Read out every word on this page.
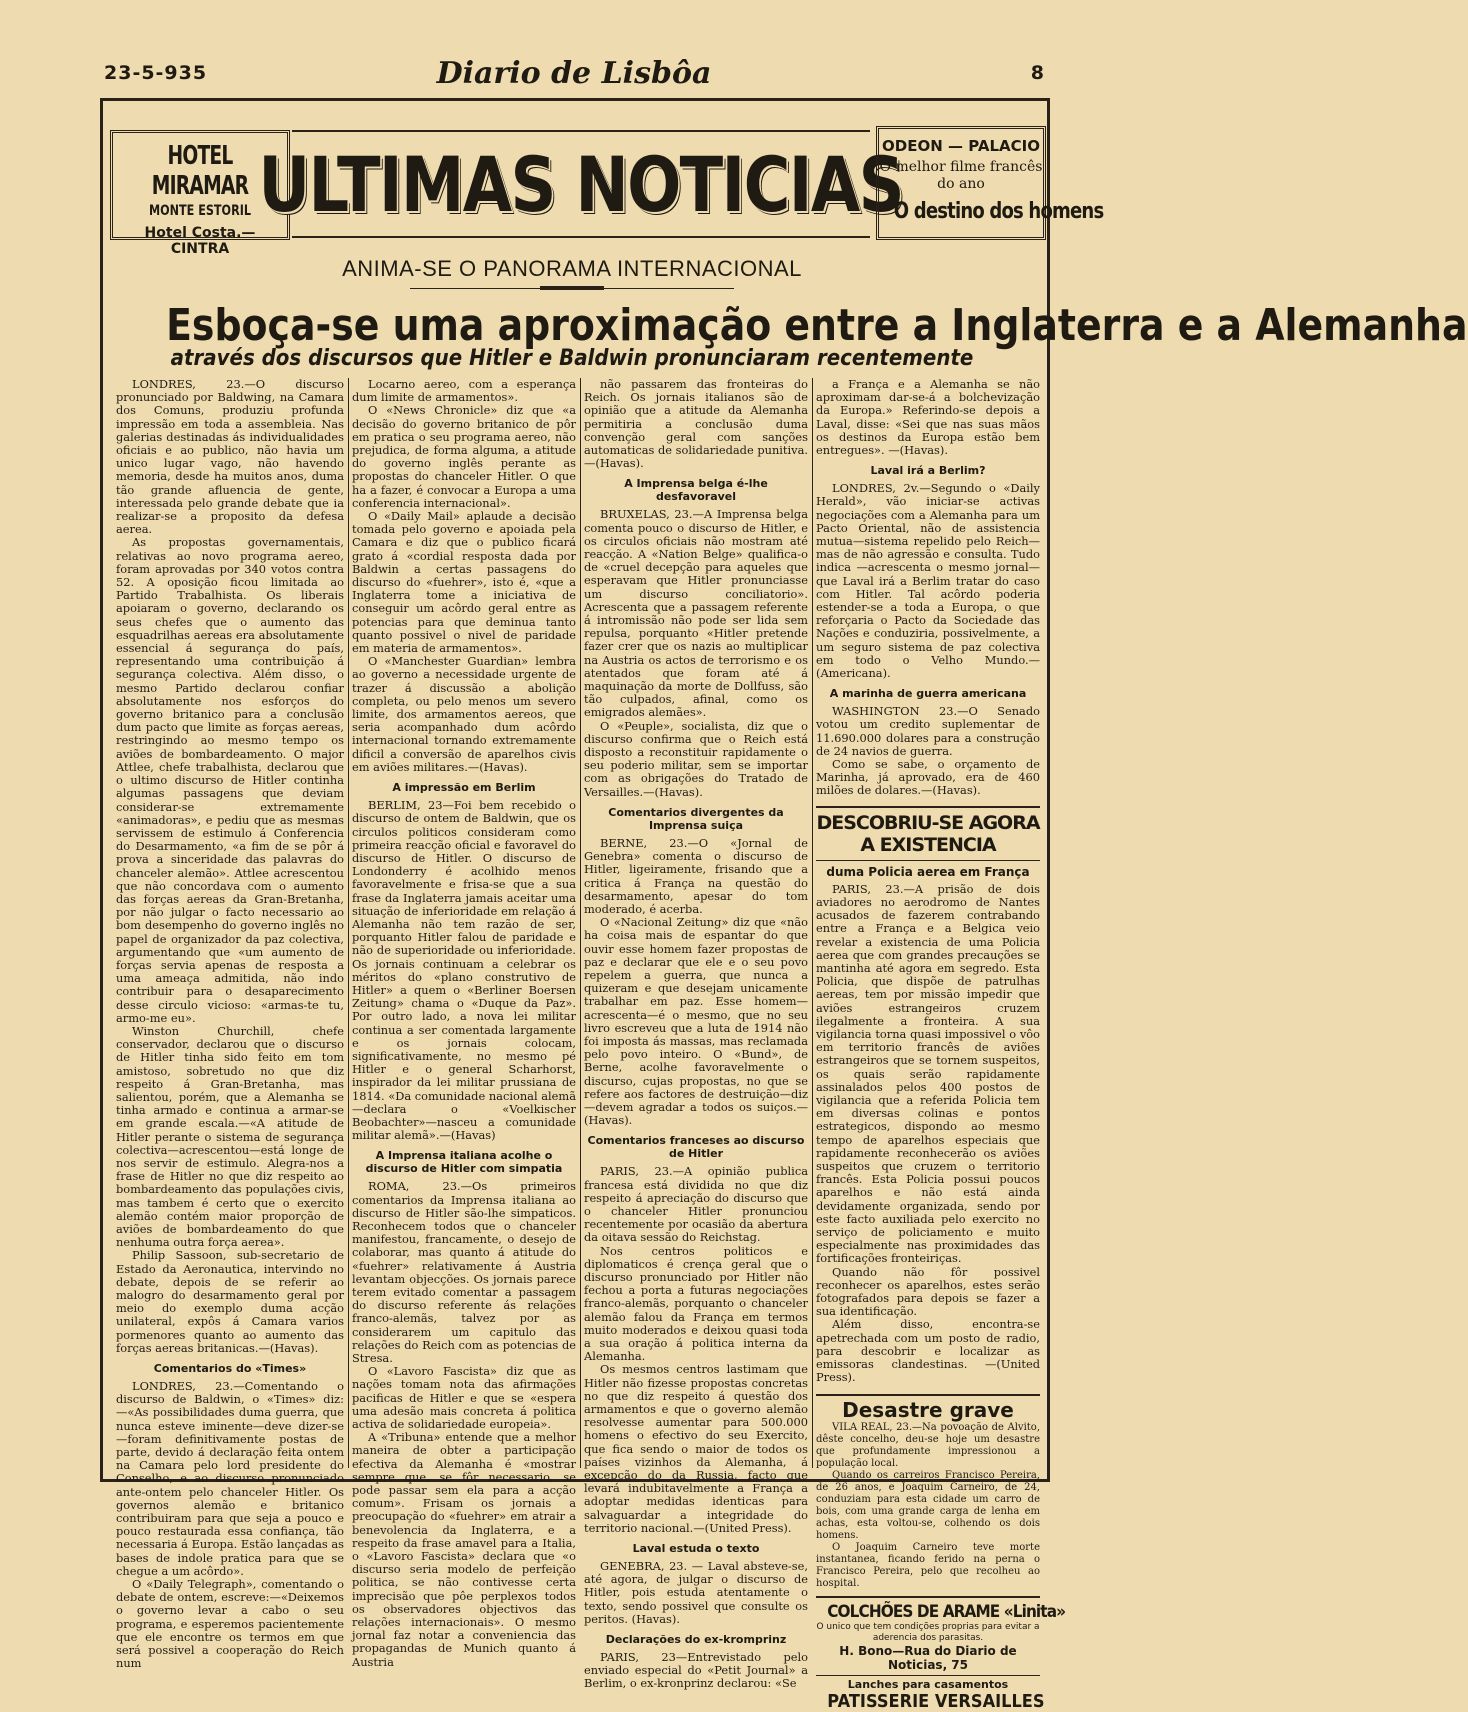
23-5-935	Diario de Lisbôa	8
HOTEL MIRAMAR
MONTE ESTORIL
Hotel Costa.— CINTRA
ULTIMAS NOTICIAS
ODEON — PALACIO
O melhor filme francês do ano
O destino dos homens
ANIMA-SE O PANORAMA INTERNACIONAL
Esboça-se uma aproximação entre a Inglaterra e a Alemanha
através dos discursos que Hitler e Baldwin pronunciaram recentemente

LONDRES, 23.—O discurso pronunciado por Baldwing, na Camara dos Comuns, produziu profunda impressão em toda a assembleia. Nas galerias destinadas ás individualidades oficiais e ao publico, não havia um unico lugar vago, não havendo memoria, desde ha muitos anos, duma tão grande afluencia de gente, interessada pelo grande debate que ia realizar-se a proposito da defesa aerea.

As propostas governamentais, relativas ao novo programa aereo, foram aprovadas por 340 votos contra 52. A oposição ficou limitada ao Partido Trabalhista. Os liberais apoiaram o governo, declarando os seus chefes que o aumento das esquadrilhas aereas era absolutamente essencial á segurança do país, representando uma contribuição á segurança colectiva. Além disso, o mesmo Partido declarou confiar absolutamente nos esforços do governo britanico para a conclusão dum pacto que limite as forças aereas, restringindo ao mesmo tempo os aviões de bombardeamento. O major Attlee, chefe trabalhista, declarou que o ultimo discurso de Hitler continha algumas passagens que deviam considerar-se extremamente «animadoras», e pediu que as mesmas servissem de estimulo á Conferencia do Desarmamento, «a fim de se pôr á prova a sinceridade das palavras do chanceler alemão». Attlee acrescentou que não concordava com o aumento das forças aereas da Gran-Bretanha, por não julgar o facto necessario ao bom desempenho do governo inglês no papel de organizador da paz colectiva, argumentando que «um aumento de forças servia apenas de resposta a uma ameaça admitida, não indo contribuir para o desaparecimento desse circulo vicioso: «armas-te tu, armo-me eu».

Winston Churchill, chefe conservador, declarou que o discurso de Hitler tinha sido feito em tom amistoso, sobretudo no que diz respeito á Gran-Bretanha, mas salientou, porém, que a Alemanha se tinha armado e continua a armar-se em grande escala.—«A atitude de Hitler perante o sistema de segurança colectiva—acrescentou—está longe de nos servir de estimulo. Alegra-nos a frase de Hitler no que diz respeito ao bombardeamento das populações civis, mas tambem é certo que o exercito alemão contém maior proporção de aviões de bombardeamento do que nenhuma outra força aerea».

Philip Sassoon, sub-secretario de Estado da Aeronautica, intervindo no debate, depois de se referir ao malogro do desarmamento geral por meio do exemplo duma acção unilateral, expôs á Camara varios pormenores quanto ao aumento das forças aereas britanicas.—(Havas).

Comentarios do «Times»

LONDRES, 23.—Comentando o discurso de Baldwin, o «Times» diz:—«As possibilidades duma guerra, que nunca esteve iminente—deve dizer-se—foram definitivamente postas de parte, devido á declaração feita ontem na Camara pelo lord presidente do Conselho, e ao discurso pronunciado ante-ontem pelo chanceler Hitler. Os governos alemão e britanico contribuiram para que seja a pouco e pouco restaurada essa confiança, tão necessaria á Europa. Estão lançadas as bases de indole pratica para que se chegue a um acôrdo».

O «Daily Telegraph», comentando o debate de ontem, escreve:—«Deixemos o governo levar a cabo o seu programa, e esperemos pacientemente que ele encontre os termos em que será possivel a cooperação do Reich num

Locarno aereo, com a esperança dum limite de armamentos».

O «News Chronicle» diz que «a decisão do governo britanico de pôr em pratica o seu programa aereo, não prejudica, de forma alguma, a atitude do governo inglês perante as propostas do chanceler Hitler. O que ha a fazer, é convocar a Europa a uma conferencia internacional».

O «Daily Mail» aplaude a decisão tomada pelo governo e apoiada pela Camara e diz que o publico ficará grato á «cordial resposta dada por Baldwin a certas passagens do discurso do «fuehrer», isto é, «que a Inglaterra tome a iniciativa de conseguir um acôrdo geral entre as potencias para que deminua tanto quanto possivel o nivel de paridade em materia de armamentos».

O «Manchester Guardian» lembra ao governo a necessidade urgente de trazer á discussão a abolição completa, ou pelo menos um severo limite, dos armamentos aereos, que seria acompanhado dum acôrdo internacional tornando extremamente dificil a conversão de aparelhos civis em aviões militares.—(Havas).

A impressão em Berlim

BERLIM, 23—Foi bem recebido o discurso de ontem de Baldwin, que os circulos politicos consideram como primeira reacção oficial e favoravel do discurso de Hitler. O discurso de Londonderry é acolhido menos favoravelmente e frisa-se que a sua frase da Inglaterra jamais aceitar uma situação de inferioridade em relação á Alemanha não tem razão de ser, porquanto Hitler falou de paridade e não de superioridade ou inferioridade. Os jornais continuam a celebrar os méritos do «plano construtivo de Hitler» a quem o «Berliner Boersen Zeitung» chama o «Duque da Paz». Por outro lado, a nova lei militar continua a ser comentada largamente e os jornais colocam, significativamente, no mesmo pé Hitler e o general Scharhorst, inspirador da lei militar prussiana de 1814. «Da comunidade nacional alemã—declara o «Voelkischer Beobachter»—nasceu a comunidade militar alemã».—(Havas)

A Imprensa italiana acolhe o discurso de Hitler com simpatia

ROMA, 23.—Os primeiros comentarios da Imprensa italiana ao discurso de Hitler são-lhe simpaticos. Reconhecem todos que o chanceler manifestou, francamente, o desejo de colaborar, mas quanto á atitude do «fuehrer» relativamente á Austria levantam objecções. Os jornais parece terem evitado comentar a passagem do discurso referente ás relações franco-alemãs, talvez por as considerarem um capitulo das relações do Reich com as potencias de Stresa.

O «Lavoro Fascista» diz que as nações tomam nota das afirmações pacificas de Hitler e que se «espera uma adesão mais concreta á politica activa de solidariedade europeia».

A «Tribuna» entende que a melhor maneira de obter a participação efectiva da Alemanha é «mostrar sempre que, se fôr necessario, se pode passar sem ela para a acção comum». Frisam os jornais a preocupação do «fuehrer» em atrair a benevolencia da Inglaterra, e a respeito da frase amavel para a Italia, o «Lavoro Fascista» declara que «o discurso seria modelo de perfeição politica, se não contivesse certa imprecisão que pôe perplexos todos os observadores objectivos das relações internacionais». O mesmo jornal faz notar a conveniencia das propagandas de Munich quanto á Austria

não passarem das fronteiras do Reich. Os jornais italianos são de opinião que a atitude da Alemanha permitiria a conclusão duma convenção geral com sanções automaticas de solidariedade punitiva.—(Havas).

A Imprensa belga é-lhe desfavoravel

BRUXELAS, 23.—A Imprensa belga comenta pouco o discurso de Hitler, e os circulos oficiais não mostram até reacção. A «Nation Belge» qualifica-o de «cruel decepção para aqueles que esperavam que Hitler pronunciasse um discurso conciliatorio». Acrescenta que a passagem referente á intromissão não pode ser lida sem repulsa, porquanto «Hitler pretende fazer crer que os nazis ao multiplicar na Austria os actos de terrorismo e os atentados que foram até á maquinação da morte de Dollfuss, são tão culpados, afinal, como os emigrados alemães».

O «Peuple», socialista, diz que o discurso confirma que o Reich está disposto a reconstituir rapidamente o seu poderio militar, sem se importar com as obrigações do Tratado de Versailles.—(Havas).

Comentarios divergentes da Imprensa suiça

BERNE, 23.—O «Jornal de Genebra» comenta o discurso de Hitler, ligeiramente, frisando que a critica á França na questão do desarmamento, apesar do tom moderado, é acerba.

O «Nacional Zeitung» diz que «não ha coisa mais de espantar do que ouvir esse homem fazer propostas de paz e declarar que ele e o seu povo repelem a guerra, que nunca a quizeram e que desejam unicamente trabalhar em paz. Esse homem—acrescenta—é o mesmo, que no seu livro escreveu que a luta de 1914 não foi imposta ás massas, mas reclamada pelo povo inteiro. O «Bund», de Berne, acolhe favoravelmente o discurso, cujas propostas, no que se refere aos factores de destruição—diz—devem agradar a todos os suiços.—(Havas).

Comentarios franceses ao discurso de Hitler

PARIS, 23.—A opinião publica francesa está dividida no que diz respeito á apreciação do discurso que o chanceler Hitler pronunciou recentemente por ocasião da abertura da oitava sessão do Reichstag.

Nos centros politicos e diplomaticos é crença geral que o discurso pronunciado por Hitler não fechou a porta a futuras negociações franco-alemãs, porquanto o chanceler alemão falou da França em termos muito moderados e deixou quasi toda a sua oração á politica interna da Alemanha.

Os mesmos centros lastimam que Hitler não fizesse propostas concretas no que diz respeito á questão dos armamentos e que o governo alemão resolvesse aumentar para 500.000 homens o efectivo do seu Exercito, que fica sendo o maior de todos os países vizinhos da Alemanha, á excepção do da Russia, facto que levará indubitavelmente a França a adoptar medidas identicas para salvaguardar a integridade do territorio nacional.—(United Press).

Laval estuda o texto

GENEBRA, 23. — Laval absteve-se, até agora, de julgar o discurso de Hitler, pois estuda atentamente o texto, sendo possivel que consulte os peritos. (Havas).

Declarações do ex-kromprinz

PARIS, 23—Entrevistado pelo enviado especial do «Petit Journal» a Berlim, o ex-kronprinz declarou: «Se

a França e a Alemanha se não aproximam dar-se-á a bolchevização da Europa.» Referindo-se depois a Laval, disse: «Sei que nas suas mãos os destinos da Europa estão bem entregues». —(Havas).

Laval irá a Berlim?

LONDRES, 2v.—Segundo o «Daily Herald», vão iniciar-se activas negociações com a Alemanha para um Pacto Oriental, não de assistencia mutua—sistema repelido pelo Reich—mas de não agressão e consulta. Tudo indica —acrescenta o mesmo jornal—que Laval irá a Berlim tratar do caso com Hitler. Tal acôrdo poderia estender-se a toda a Europa, o que reforçaria o Pacto da Sociedade das Nações e conduziria, possivelmente, a um seguro sistema de paz colectiva em todo o Velho Mundo.—(Americana).

A marinha de guerra americana

WASHINGTON 23.—O Senado votou um credito suplementar de 11.690.000 dolares para a construção de 24 navios de guerra.

Como se sabe, o orçamento de Marinha, já aprovado, era de 460 milões de dolares.—(Havas).

DESCOBRIU-SE AGORA A EXISTENCIA
duma Policia aerea em França

PARIS, 23.—A prisão de dois aviadores no aerodromo de Nantes acusados de fazerem contrabando entre a França e a Belgica veio revelar a existencia de uma Policia aerea que com grandes precauções se mantinha até agora em segredo. Esta Policia, que dispõe de patrulhas aereas, tem por missão impedir que aviões estrangeiros cruzem ilegalmente a fronteira. A sua vigilancia torna quasi impossivel o vôo em territorio francês de aviões estrangeiros que se tornem suspeitos, os quais serão rapidamente assinalados pelos 400 postos de vigilancia que a referida Policia tem em diversas colinas e pontos estrategicos, dispondo ao mesmo tempo de aparelhos especiais que rapidamente reconhecerão os aviões suspeitos que cruzem o territorio francês. Esta Policia possui poucos aparelhos e não está ainda devidamente organizada, sendo por este facto auxiliada pelo exercito no serviço de policiamento e muito especialmente nas proximidades das fortificações fronteiriças.

Quando não fôr possivel reconhecer os aparelhos, estes serão fotografados para depois se fazer a sua identificação.

Além disso, encontra-se apetrechada com um posto de radio, para descobrir e localizar as emissoras clandestinas. —(United Press).

Desastre grave

VILA REAL, 23.—Na povoação de Alvito, dêste concelho, deu-se hoje um desastre que profundamente impressionou a população local.

Quando os carreiros Francisco Pereira, de 26 anos, e Joaquim Carneiro, de 24, conduziam para esta cidade um carro de bois, com uma grande carga de lenha em achas, esta voltou-se, colhendo os dois homens.

O Joaquim Carneiro teve morte instantanea, ficando ferido na perna o Francisco Pereira, pelo que recolheu ao hospital.

COLCHÕES DE ARAME «Linita»
O unico que tem condições proprias para evitar a aderencia dos parasitas.
H. Bono—Rua do Diario de Noticias, 75
Lanches para casamentos
PATISSERIE VERSAILLES
